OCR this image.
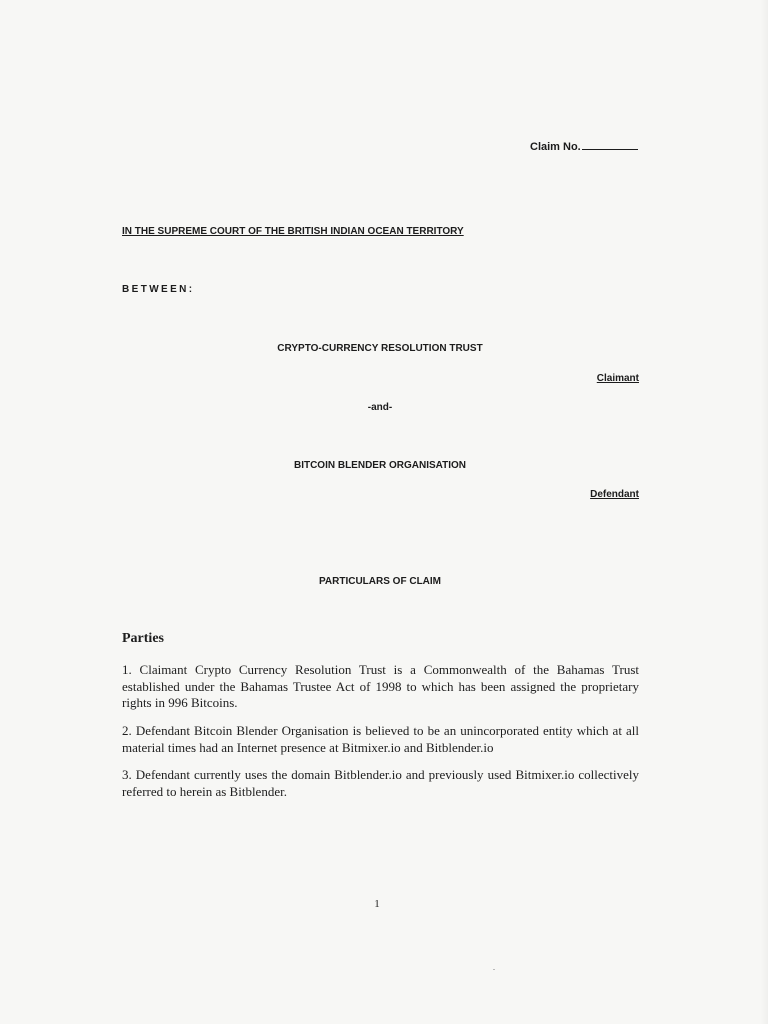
Claim No.
IN THE SUPREME COURT OF THE BRITISH INDIAN OCEAN TERRITORY
BETWEEN:
CRYPTO-CURRENCY RESOLUTION TRUST
Claimant
-and-
BITCOIN BLENDER ORGANISATION
Defendant
PARTICULARS OF CLAIM
Parties
1. Claimant Crypto Currency Resolution Trust is a Commonwealth of the Bahamas Trust established under the Bahamas Trustee Act of 1998 to which has been assigned the proprietary rights in 996 Bitcoins.
2. Defendant Bitcoin Blender Organisation is believed to be an unincorporated entity which at all material times had an Internet presence at Bitmixer.io and Bitblender.io
3. Defendant currently uses the domain Bitblender.io and previously used Bitmixer.io collectively referred to herein as Bitblender.
1
